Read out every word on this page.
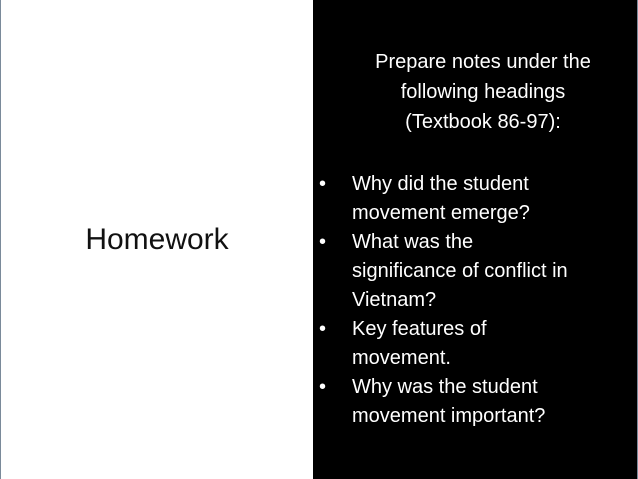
Homework
Prepare notes under the
following headings
(Textbook 86-97):
• Why did the student
movement emerge?
• What was the
significance of conflict in
Vietnam?
• Key features of
movement.
• Why was the student
movement important?
